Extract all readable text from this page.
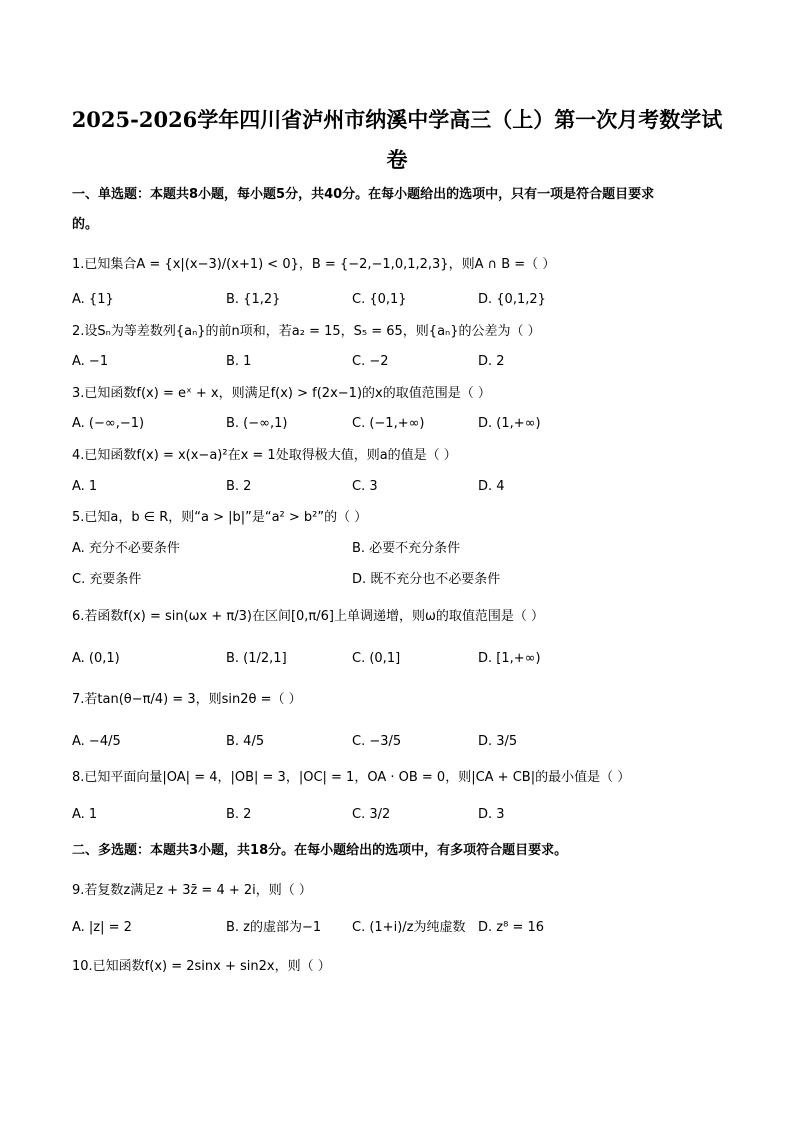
2025-2026学年四川省泸州市纳溪中学高三（上）第一次月考数学试
卷
一、单选题：本题共8小题，每小题5分，共40分。在每小题给出的选项中，只有一项是符合题目要求
的。
1.已知集合A = {x|(x−3)/(x+1) < 0}，B = {−2,−1,0,1,2,3}，则A ∩ B =（ ）
A. {1}	B. {1,2}	C. {0,1}	D. {0,1,2}
2.设Sₙ为等差数列{aₙ}的前n项和，若a₂ = 15，S₅ = 65，则{aₙ}的公差为（ ）
A. −1	B. 1	C. −2	D. 2
3.已知函数f(x) = eˣ + x，则满足f(x) > f(2x−1)的x的取值范围是（ ）
A. (−∞,−1)	B. (−∞,1)	C. (−1,+∞)	D. (1,+∞)
4.已知函数f(x) = x(x−a)²在x = 1处取得极大值，则a的值是（ ）
A. 1	B. 2	C. 3	D. 4
5.已知a，b ∈ R，则“a > |b|”是“a² > b²”的（ ）
A. 充分不必要条件	B. 必要不充分条件
C. 充要条件	D. 既不充分也不必要条件
6.若函数f(x) = sin(ωx + π/3)在区间[0,π/6]上单调递增，则ω的取值范围是（ ）
A. (0,1)	B. (1/2,1]	C. (0,1]	D. [1,+∞)
7.若tan(θ−π/4) = 3，则sin2θ =（ ）
A. −4/5	B. 4/5	C. −3/5	D. 3/5
8.已知平面向量|OA| = 4，|OB| = 3，|OC| = 1，OA · OB = 0，则|CA + CB|的最小值是（ ）
A. 1	B. 2	C. 3/2	D. 3
二、多选题：本题共3小题，共18分。在每小题给出的选项中，有多项符合题目要求。
9.若复数z满足z + 3z̄ = 4 + 2i，则（ ）
A. |z| = 2	B. z的虚部为−1 C. (1+i)/z为纯虚数 D. z⁸ = 16
10.已知函数f(x) = 2sinx + sin2x，则（ ）
